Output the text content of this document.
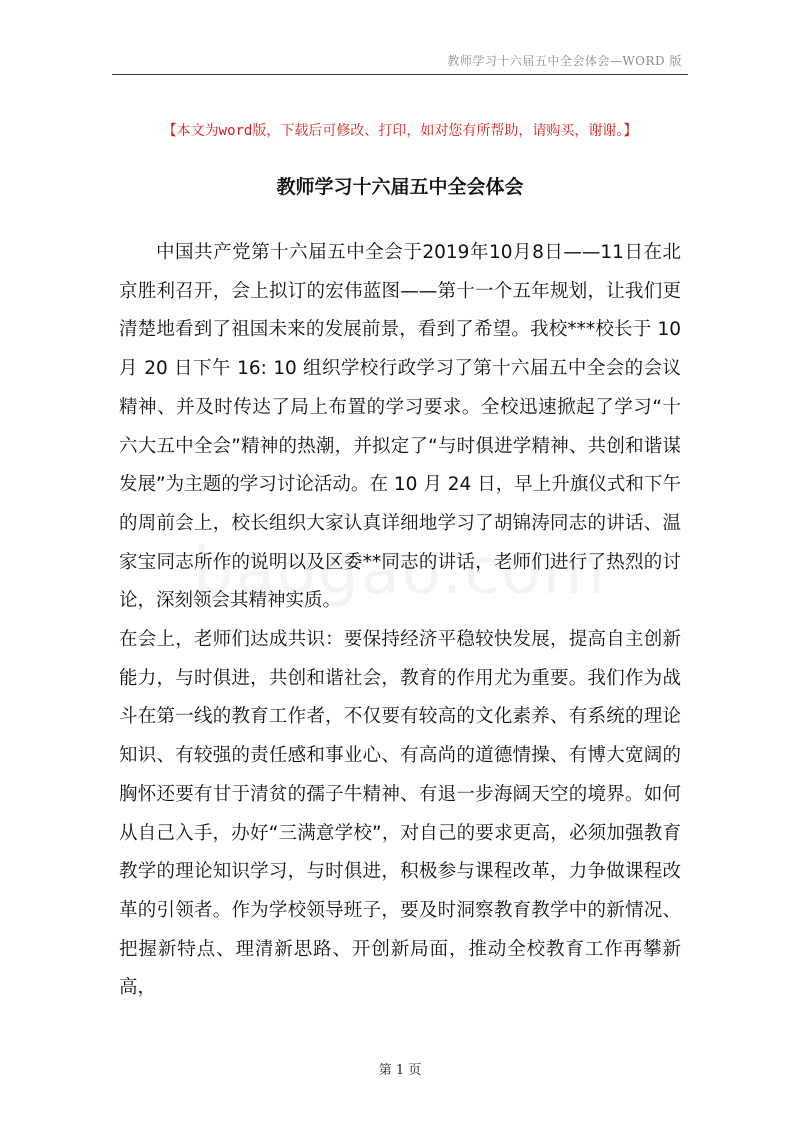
教师学习十六届五中全会体会—WORD 版
【本文为word版，下载后可修改、打印，如对您有所帮助，请购买，谢谢。】
教师学习十六届五中全会体会

中国共产党第十六届五中全会于2019年10月8日——11日在北京胜利召开，会上拟订的宏伟蓝图——第十一个五年规划，让我们更清楚地看到了祖国未来的发展前景，看到了希望。我校***校长于 10 月 20 日下午 16: 10 组织学校行政学习了第十六届五中全会的会议精神、并及时传达了局上布置的学习要求。全校迅速掀起了学习“十六大五中全会”精神的热潮，并拟定了“与时俱进学精神、共创和谐谋发展”为主题的学习讨论活动。在 10 月 24 日，早上升旗仪式和下午的周前会上，校长组织大家认真详细地学习了胡锦涛同志的讲话、温家宝同志所作的说明以及区委**同志的讲话，老师们进行了热烈的讨论，深刻领会其精神实质。

在会上，老师们达成共识：要保持经济平稳较快发展，提高自主创新能力，与时俱进，共创和谐社会，教育的作用尤为重要。我们作为战斗在第一线的教育工作者，不仅要有较高的文化素养、有系统的理论知识、有较强的责任感和事业心、有高尚的道德情操、有博大宽阔的胸怀还要有甘于清贫的孺子牛精神、有退一步海阔天空的境界。如何从自己入手，办好“三满意学校”，对自己的要求更高，必须加强教育教学的理论知识学习，与时俱进，积极参与课程改革，力争做课程改革的引领者。作为学校领导班子，要及时洞察教育教学中的新情况、把握新特点、理清新思路、开创新局面，推动全校教育工作再攀新高，

第 1 页
